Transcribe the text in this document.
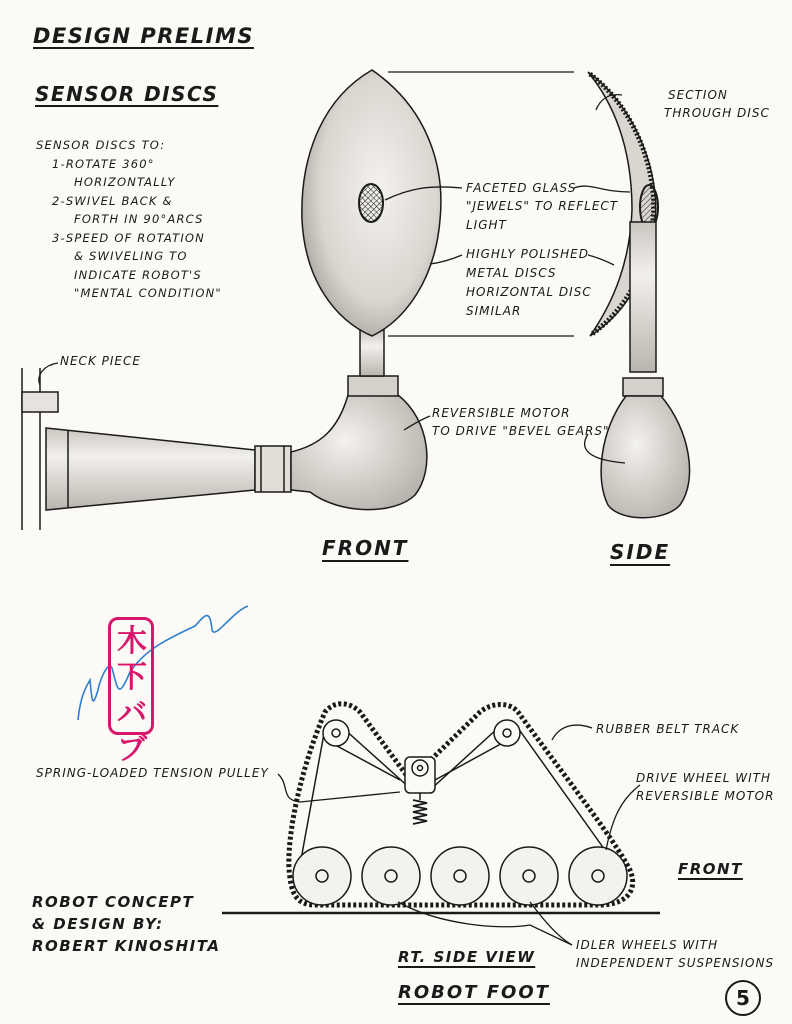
DESIGN PRELIMS
SENSOR DISCS
SENSOR DISCS TO:
1-ROTATE 360°
HORIZONTALLY
2-SWIVEL BACK &
FORTH IN 90°ARCS
3-SPEED OF ROTATION
& SWIVELING TO
INDICATE ROBOT'S
"MENTAL CONDITION"
NECK PIECE
SECTION
THROUGH DISC
FACETED GLASS
"JEWELS" TO REFLECT
LIGHT
HIGHLY POLISHED
METAL DISCS
HORIZONTAL DISC
SIMILAR
REVERSIBLE MOTOR
TO DRIVE "BEVEL GEARS"
FRONT	SIDE
木下バブ
RUBBER BELT TRACK
SPRING-LOADED TENSION PULLEY	DRIVE WHEEL WITH
REVERSIBLE MOTOR
FRONT
IDLER WHEELS WITH
INDEPENDENT SUSPENSIONS
RT. SIDE VIEW
ROBOT FOOT
ROBOT CONCEPT
& DESIGN BY:
ROBERT KINOSHITA
5
